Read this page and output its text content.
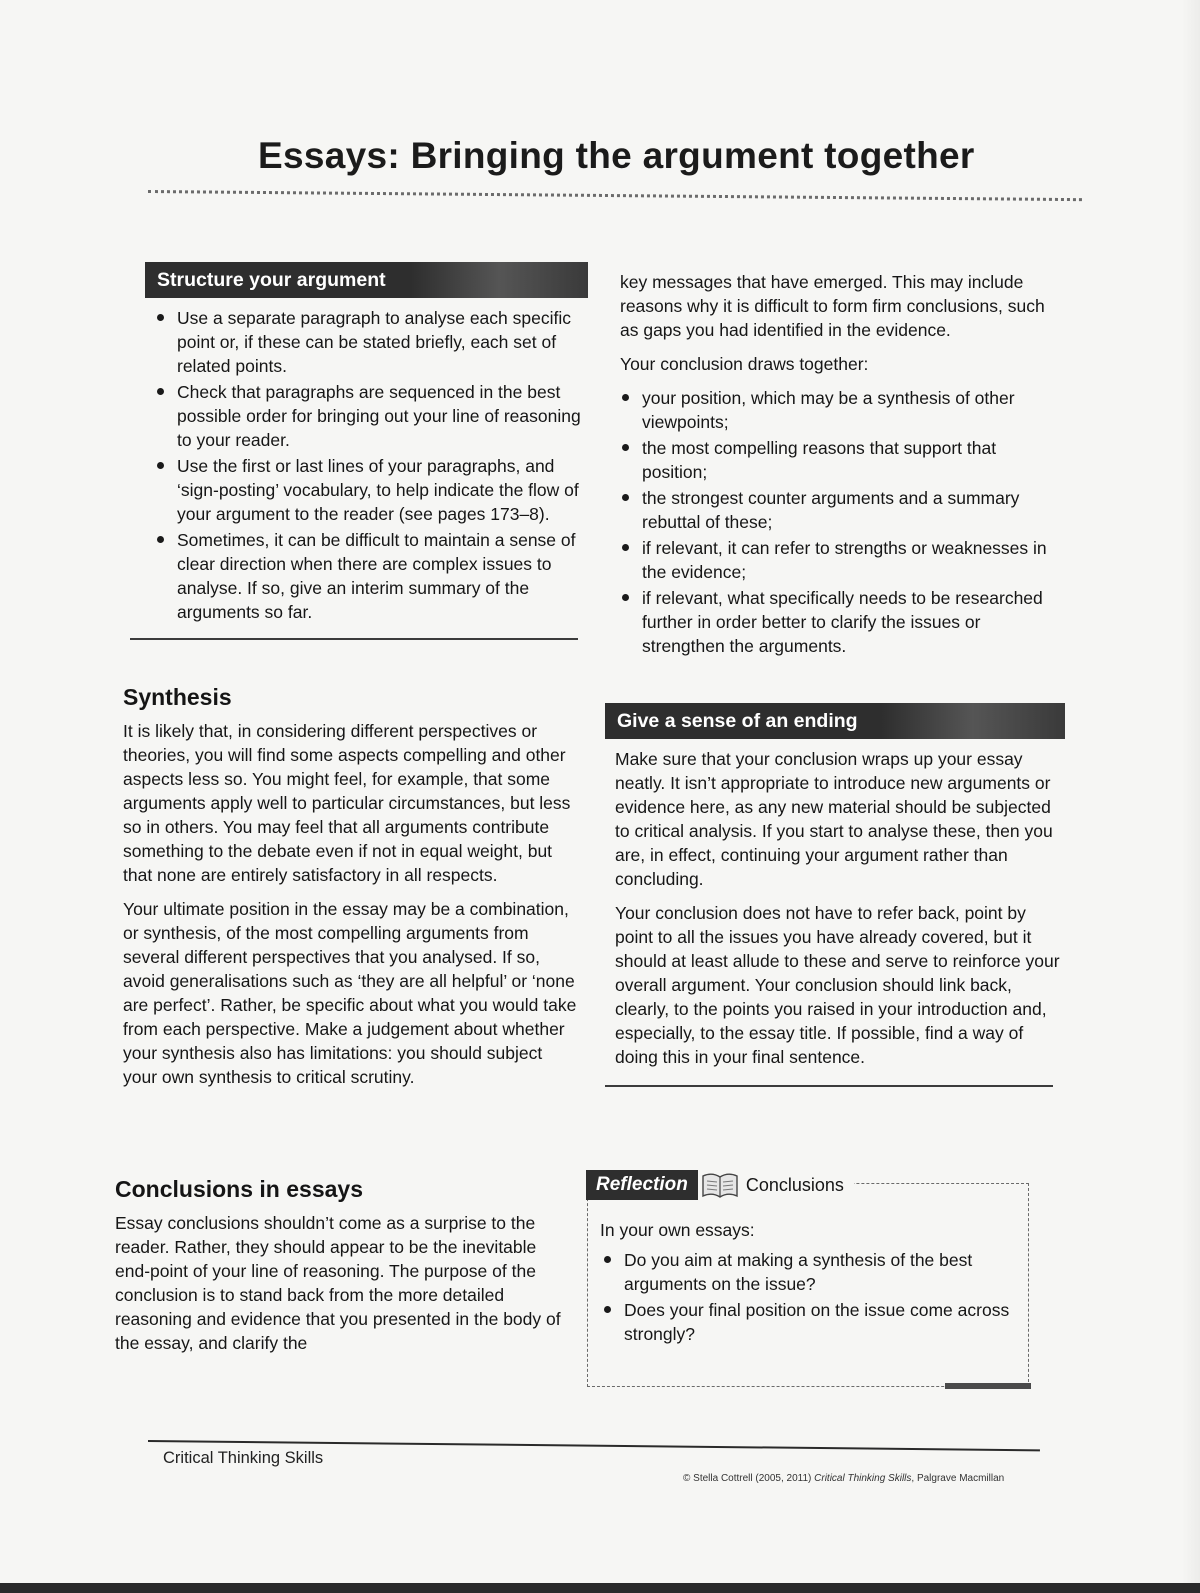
Essays: Bringing the argument together
Structure your argument
Use a separate paragraph to analyse each specific point or, if these can be stated briefly, each set of related points.
Check that paragraphs are sequenced in the best possible order for bringing out your line of reasoning to your reader.
Use the first or last lines of your paragraphs, and ‘sign-posting’ vocabulary, to help indicate the flow of your argument to the reader (see pages 173–8).
Sometimes, it can be difficult to maintain a sense of clear direction when there are complex issues to analyse. If so, give an interim summary of the arguments so far.
Synthesis

It is likely that, in considering different perspectives or theories, you will find some aspects compelling and other aspects less so. You might feel, for example, that some arguments apply well to particular circumstances, but less so in others. You may feel that all arguments contribute something to the debate even if not in equal weight, but that none are entirely satisfactory in all respects.

Your ultimate position in the essay may be a combination, or synthesis, of the most compelling arguments from several different perspectives that you analysed. If so, avoid generalisations such as ‘they are all helpful’ or ‘none are perfect’. Rather, be specific about what you would take from each perspective. Make a judgement about whether your synthesis also has limitations: you should subject your own synthesis to critical scrutiny.

Conclusions in essays

Essay conclusions shouldn’t come as a surprise to the reader. Rather, they should appear to be the inevitable end-point of your line of reasoning. The purpose of the conclusion is to stand back from the more detailed reasoning and evidence that you presented in the body of the essay, and clarify the

key messages that have emerged. This may include reasons why it is difficult to form firm conclusions, such as gaps you had identified in the evidence.

Your conclusion draws together:

your position, which may be a synthesis of other viewpoints;
the most compelling reasons that support that position;
the strongest counter arguments and a summary rebuttal of these;
if relevant, it can refer to strengths or weaknesses in the evidence;
if relevant, what specifically needs to be researched further in order better to clarify the issues or strengthen the arguments.
Give a sense of an ending

Make sure that your conclusion wraps up your essay neatly. It isn’t appropriate to introduce new arguments or evidence here, as any new material should be subjected to critical analysis. If you start to analyse these, then you are, in effect, continuing your argument rather than concluding.

Your conclusion does not have to refer back, point by point to all the issues you have already covered, but it should at least allude to these and serve to reinforce your overall argument. Your conclusion should link back, clearly, to the points you raised in your introduction and, especially, to the essay title. If possible, find a way of doing this in your final sentence.

Reflection	Conclusions

In your own essays:

Do you aim at making a synthesis of the best arguments on the issue?
Does your final position on the issue come across strongly?
Critical Thinking Skills
© Stella Cottrell (2005, 2011) Critical Thinking Skills, Palgrave Macmillan
